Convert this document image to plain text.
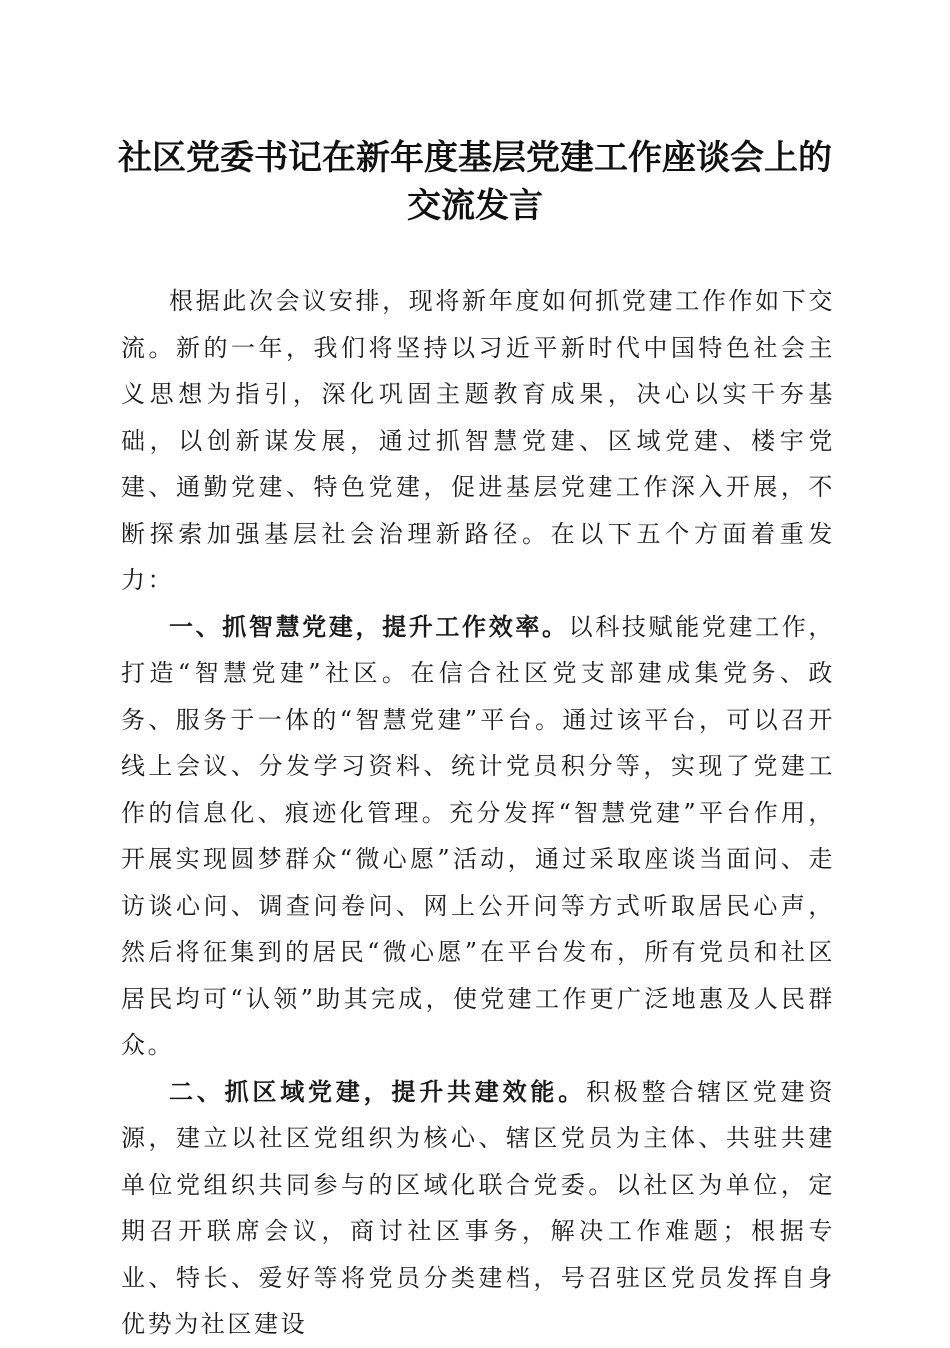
社区党委书记在新年度基层党建工作座谈会上的交流发言

根据此次会议安排，现将新年度如何抓党建工作作如下交流。新的一年，我们将坚持以习近平新时代中国特色社会主义思想为指引，深化巩固主题教育成果，决心以实干夯基础，以创新谋发展，通过抓智慧党建、区域党建、楼宇党建、通勤党建、特色党建，促进基层党建工作深入开展，不断探索加强基层社会治理新路径。在以下五个方面着重发力：

一、抓智慧党建，提升工作效率。以科技赋能党建工作，打造“智慧党建”社区。在信合社区党支部建成集党务、政务、服务于一体的“智慧党建”平台。通过该平台，可以召开线上会议、分发学习资料、统计党员积分等，实现了党建工作的信息化、痕迹化管理。充分发挥“智慧党建”平台作用，开展实现圆梦群众“微心愿”活动，通过采取座谈当面问、走访谈心问、调查问卷问、网上公开问等方式听取居民心声，然后将征集到的居民“微心愿”在平台发布，所有党员和社区居民均可“认领”助其完成，使党建工作更广泛地惠及人民群众。

二、抓区域党建，提升共建效能。积极整合辖区党建资源，建立以社区党组织为核心、辖区党员为主体、共驻共建单位党组织共同参与的区域化联合党委。以社区为单位，定期召开联席会议，商讨社区事务，解决工作难题；根据专业、特长、爱好等将党员分类建档，号召驻区党员发挥自身优势为社区建设
